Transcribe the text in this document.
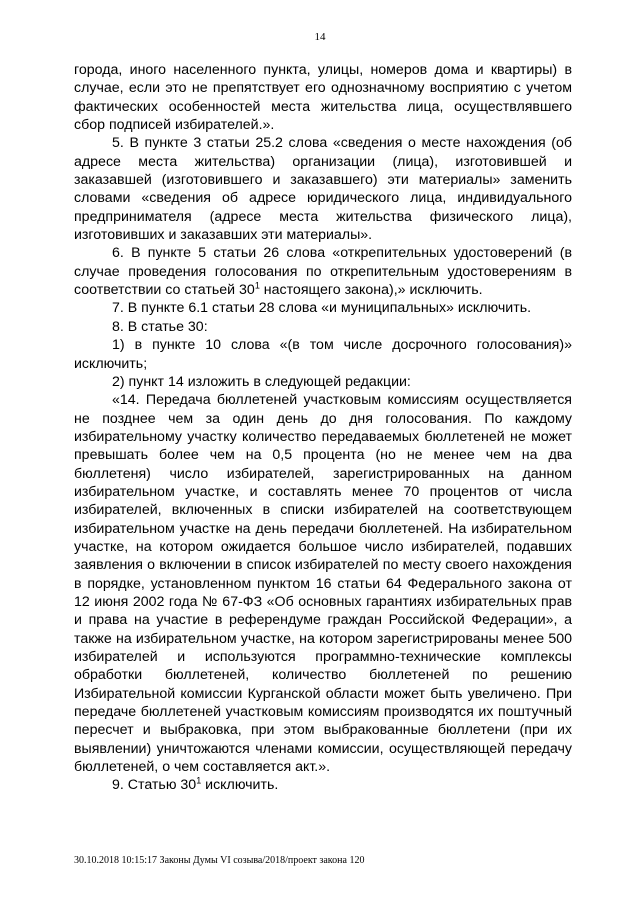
14

города, иного населенного пункта, улицы, номеров дома и квартиры) в случае, если это не препятствует его однозначному восприятию с учетом фактических особенностей места жительства лица, осуществлявшего сбор подписей избирателей.».

5. В пункте 3 статьи 25.2 слова «сведения о месте нахождения (об адресе места жительства) организации (лица), изготовившей и заказавшей (изготовившего и заказавшего) эти материалы» заменить словами «сведения об адресе юридического лица, индивидуального предпринимателя (адресе места жительства физического лица), изготовивших и заказавших эти материалы».

6. В пункте 5 статьи 26 слова «открепительных удостоверений (в случае проведения голосования по открепительным удостоверениям в соответствии со статьей $30^1$ настоящего закона),» исключить.

7. В пункте 6.1 статьи 28 слова «и муниципальных» исключить.

8. В статье 30:

1) в пункте 10 слова «(в том числе досрочного голосования)» исключить;

2) пункт 14 изложить в следующей редакции:

«14. Передача бюллетеней участковым комиссиям осуществляется не позднее чем за один день до дня голосования. По каждому избирательному участку количество передаваемых бюллетеней не может превышать более чем на 0,5 процента (но не менее чем на два бюллетеня) число избирателей, зарегистрированных на данном избирательном участке, и составлять менее 70 процентов от числа избирателей, включенных в списки избирателей на соответствующем избирательном участке на день передачи бюллетеней. На избирательном участке, на котором ожидается большое число избирателей, подавших заявления о включении в список избирателей по месту своего нахождения в порядке, установленном пунктом 16 статьи 64 Федерального закона от 12 июня 2002 года № 67-ФЗ «Об основных гарантиях избирательных прав и права на участие в референдуме граждан Российской Федерации», а также на избирательном участке, на котором зарегистрированы менее 500 избирателей и используются программно-технические комплексы обработки бюллетеней, количество бюллетеней по решению Избирательной комиссии Курганской области может быть увеличено. При передаче бюллетеней участковым комиссиям производятся их поштучный пересчет и выбраковка, при этом выбракованные бюллетени (при их выявлении) уничтожаются членами комиссии, осуществляющей передачу бюллетеней, о чем составляется акт.».

9. Статью $30^1$ исключить.

30.10.2018 10:15:17 Законы Думы VI созыва/2018/проект закона 120
